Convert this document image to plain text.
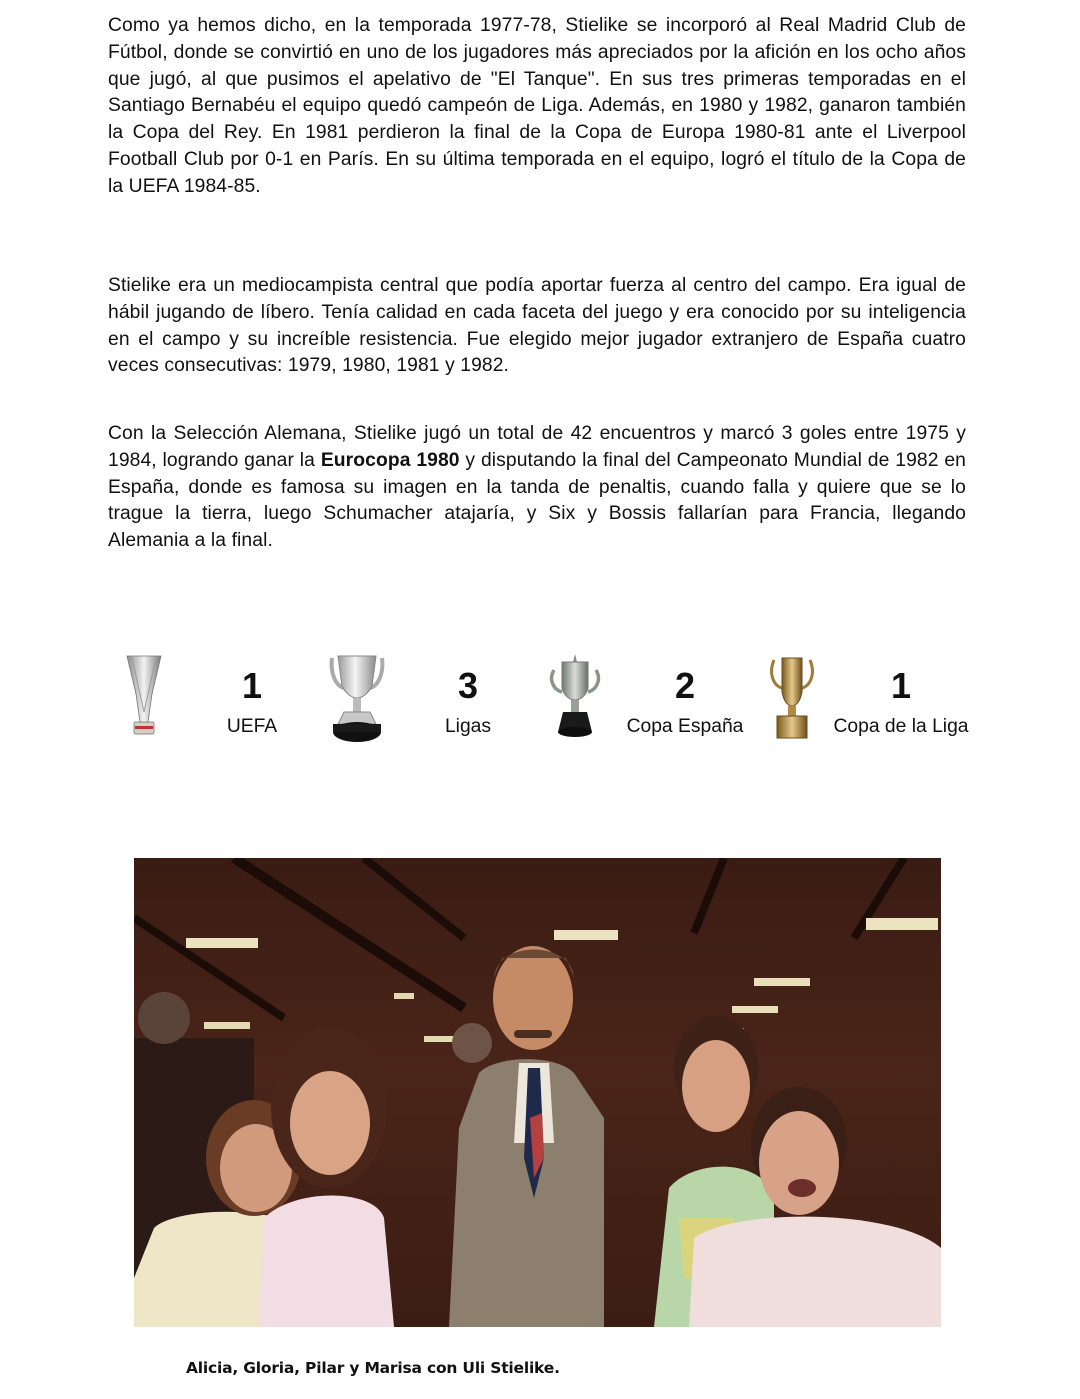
Como ya hemos dicho, en la temporada 1977-78, Stielike se incorporó al Real Madrid Club de Fútbol, donde se convirtió en uno de los jugadores más apreciados por la afición en los ocho años que jugó, al que pusimos el apelativo de "El Tanque". En sus tres primeras temporadas en el Santiago Bernabéu el equipo quedó campeón de Liga. Además, en 1980 y 1982, ganaron también la Copa del Rey. En 1981 perdieron la final de la Copa de Europa 1980-81 ante el Liverpool Football Club por 0-1 en París. En su última temporada en el equipo, logró el título de la Copa de la UEFA 1984-85.

Stielike era un mediocampista central que podía aportar fuerza al centro del campo. Era igual de hábil jugando de líbero. Tenía calidad en cada faceta del juego y era conocido por su inteligencia en el campo y su increíble resistencia. Fue elegido mejor jugador extranjero de España cuatro veces consecutivas: 1979, 1980, 1981 y 1982.

Con la Selección Alemana, Stielike jugó un total de 42 encuentros y marcó 3 goles entre 1975 y 1984, logrando ganar la Eurocopa 1980 y disputando la final del Campeonato Mundial de 1982 en España, donde es famosa su imagen en la tanda de penaltis, cuando falla y quiere que se lo trague la tierra, luego Schumacher atajaría, y Six y Bossis fallarían para Francia, llegando Alemania a la final.

1
UEFA
3
Ligas
2
Copa España
1
Copa de la Liga
Alicia, Gloria, Pilar y Marisa con Uli Stielike.
